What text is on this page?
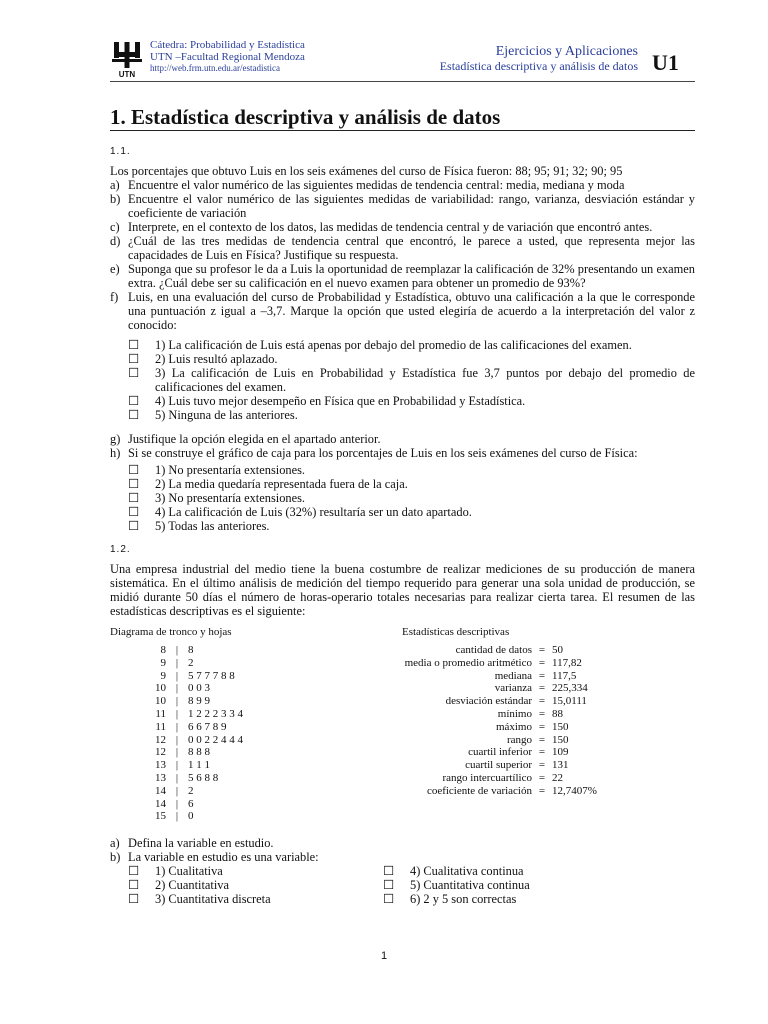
UTN
Cátedra: Probabilidad y Estadística
UTN –Facultad Regional Mendoza
http://web.frm.utn.edu.ar/estadistica
Ejercicios y Aplicaciones
Estadística descriptiva y análisis de datos U1
1. Estadística descriptiva y análisis de datos
1.1.
Los porcentajes que obtuvo Luis en los seis exámenes del curso de Física fueron: 88; 95; 91; 32; 90; 95
a) Encuentre el valor numérico de las siguientes medidas de tendencia central: media, mediana y moda
b) Encuentre el valor numérico de las siguientes medidas de variabilidad: rango, varianza, desviación estándar y coeficiente de variación
c) Interprete, en el contexto de los datos, las medidas de tendencia central y de variación que encontró antes.
d) ¿Cuál de las tres medidas de tendencia central que encontró, le parece a usted, que representa mejor las capacidades de Luis en Física? Justifique su respuesta.
e) Suponga que su profesor le da a Luis la oportunidad de reemplazar la calificación de 32% presentando un examen extra. ¿Cuál debe ser su calificación en el nuevo examen para obtener un promedio de 93%?
f) Luis, en una evaluación del curso de Probabilidad y Estadística, obtuvo una calificación a la que le corresponde una puntuación z igual a –3,7. Marque la opción que usted elegiría de acuerdo a la interpretación del valor z conocido:
☐	1) La calificación de Luis está apenas por debajo del promedio de las calificaciones del examen.
☐	2) Luis resultó aplazado.
☐	3) La calificación de Luis en Probabilidad y Estadística fue 3,7 puntos por debajo del promedio de calificaciones del examen.
☐	4) Luis tuvo mejor desempeño en Física que en Probabilidad y Estadística.
☐	5) Ninguna de las anteriores.
g) Justifique la opción elegida en el apartado anterior.
h) Si se construye el gráfico de caja para los porcentajes de Luis en los seis exámenes del curso de Física:
☐	1) No presentaría extensiones.
☐	2) La media quedaría representada fuera de la caja.
☐	3) No presentaría extensiones.
☐	4) La calificación de Luis (32%) resultaría ser un dato apartado.
☐	5) Todas las anteriores.
1.2.
Una empresa industrial del medio tiene la buena costumbre de realizar mediciones de su producción de manera sistemática. En el último análisis de medición del tiempo requerido para generar una sola unidad de producción, se midió durante 50 días el número de horas-operario totales necesarias para realizar cierta tarea. El resumen de las estadísticas descriptivas es el siguiente:
Diagrama de tronco y hojas	Estadísticas descriptivas
8 | 8
9 | 2
9 | 5 7 7 7 8 8
10 | 0 0 3
10 | 8 9 9
11 | 1 2 2 2 3 3 4
11 | 6 6 7 8 9
12 | 0 0 2 2 4 4 4
12 | 8 8 8
13 | 1 1 1
13 | 5 6 8 8
14 | 2
14 | 6
15 | 0
cantidad de datos = 50
media o promedio aritmético = 117,82
mediana = 117,5
varianza = 225,334
desviación estándar = 15,0111
mínimo = 88
máximo = 150
rango = 150
cuartil inferior = 109
cuartil superior = 131
rango intercuartílico = 22
coeficiente de variación = 12,7407%
a) Defina la variable en estudio.
b) La variable en estudio es una variable:
☐	1) Cualitativa
☐	2) Cuantitativa
☐	3) Cuantitativa discreta
☐	4) Cualitativa continua
☐	5) Cuantitativa continua
☐	6) 2 y 5 son correctas
1
